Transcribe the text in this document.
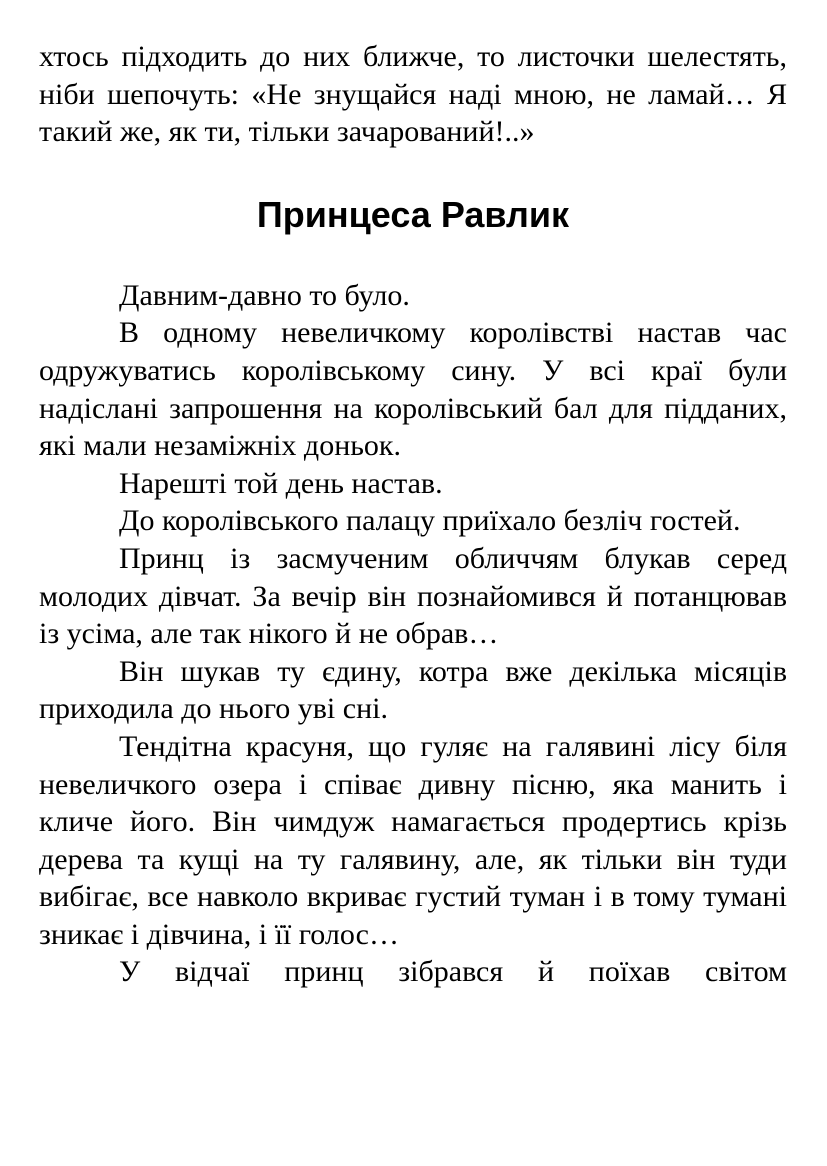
хтось підходить до них ближче, то листочки шелестять, ніби шепочуть: «Не знущайся наді мною, не ламай… Я такий же, як ти, тільки зачарований!..»

Принцеса Равлик

Давним-давно то було.

В одному невеличкому королівстві настав час одружуватись королівському сину. У всі краї були надіслані запрошення на королівський бал для підданих, які мали незаміжніх доньок.

Нарешті той день настав.

До королівського палацу приїхало безліч гостей.

Принц із засмученим обличчям блукав серед молодих дівчат. За вечір він познайомився й потанцював із усіма, але так нікого й не обрав…

Він шукав ту єдину, котра вже декілька місяців приходила до нього уві сні.

Тендітна красуня, що гуляє на галявині лісу біля невеличкого озера і співає дивну пісню, яка манить і кличе його. Він чимдуж намагається продертись крізь дерева та кущі на ту галявину, але, як тільки він туди вибігає, все навколо вкриває густий туман і в тому тумані зникає і дівчина, і її голос…

У відчаї принц зібрався й поїхав світом
